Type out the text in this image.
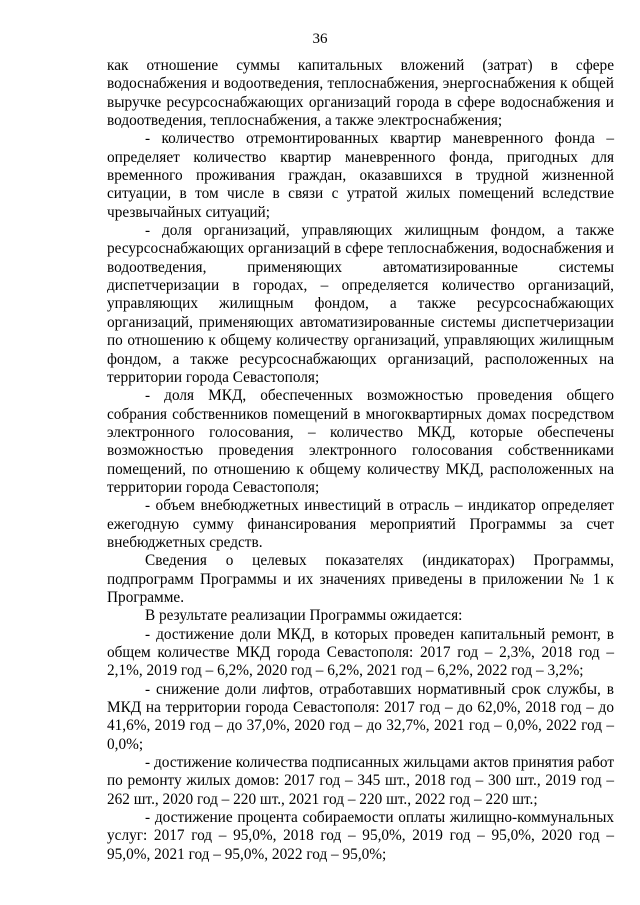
36

как отношение суммы капитальных вложений (затрат) в сфере водоснабжения и водоотведения, теплоснабжения, энергоснабжения к общей выручке ресурсоснабжающих организаций города в сфере водоснабжения и водоотведения, теплоснабжения, а также электроснабжения;

- количество отремонтированных квартир маневренного фонда – определяет количество квартир маневренного фонда, пригодных для временного проживания граждан, оказавшихся в трудной жизненной ситуации, в том числе в связи с утратой жилых помещений вследствие чрезвычайных ситуаций;

- доля организаций, управляющих жилищным фондом, а также ресурсоснабжающих организаций в сфере теплоснабжения, водоснабжения и водоотведения, применяющих автоматизированные системы диспетчеризации в городах, – определяется количество организаций, управляющих жилищным фондом, а также ресурсоснабжающих организаций, применяющих автоматизированные системы диспетчеризации по отношению к общему количеству организаций, управляющих жилищным фондом, а также ресурсоснабжающих организаций, расположенных на территории города Севастополя;

- доля МКД, обеспеченных возможностью проведения общего собрания собственников помещений в многоквартирных домах посредством электронного голосования, – количество МКД, которые обеспечены возможностью проведения электронного голосования собственниками помещений, по отношению к общему количеству МКД, расположенных на территории города Севастополя;

- объем внебюджетных инвестиций в отрасль – индикатор определяет ежегодную сумму финансирования мероприятий Программы за счет внебюджетных средств.

Сведения о целевых показателях (индикаторах) Программы, подпрограмм Программы и их значениях приведены в приложении № 1 к Программе.

В результате реализации Программы ожидается:

- достижение доли МКД, в которых проведен капитальный ремонт, в общем количестве МКД города Севастополя: 2017 год – 2,3%, 2018 год – 2,1%, 2019 год – 6,2%, 2020 год – 6,2%, 2021 год – 6,2%, 2022 год – 3,2%;

- снижение доли лифтов, отработавших нормативный срок службы, в МКД на территории города Севастополя: 2017 год – до 62,0%, 2018 год – до 41,6%, 2019 год – до 37,0%, 2020 год – до 32,7%, 2021 год – 0,0%, 2022 год – 0,0%;

- достижение количества подписанных жильцами актов принятия работ по ремонту жилых домов: 2017 год – 345 шт., 2018 год – 300 шт., 2019 год – 262 шт., 2020 год – 220 шт., 2021 год – 220 шт., 2022 год – 220 шт.;

- достижение процента собираемости оплаты жилищно-коммунальных услуг: 2017 год – 95,0%, 2018 год – 95,0%, 2019 год – 95,0%, 2020 год – 95,0%, 2021 год – 95,0%, 2022 год – 95,0%;
